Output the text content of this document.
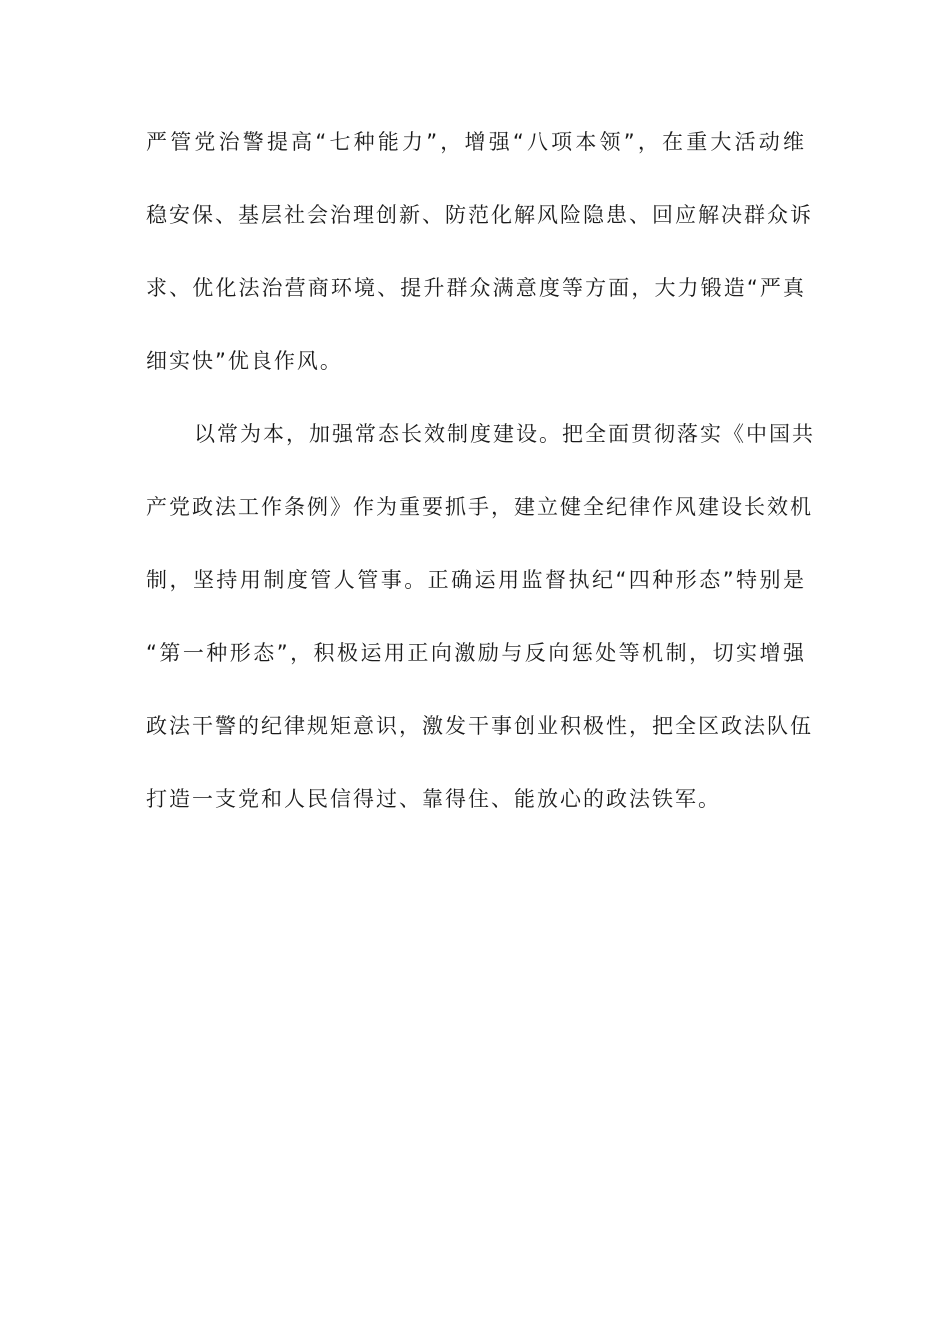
严管党治警提高“七种能力”，增强“八项本领”，在重大活动维
稳安保、基层社会治理创新、防范化解风险隐患、回应解决群众诉
求、优化法治营商环境、提升群众满意度等方面，大力锻造“严真
细实快”优良作风。
以常为本，加强常态长效制度建设。把全面贯彻落实《中国共
产党政法工作条例》作为重要抓手，建立健全纪律作风建设长效机
制，坚持用制度管人管事。正确运用监督执纪“四种形态”特别是
“第一种形态”，积极运用正向激励与反向惩处等机制，切实增强
政法干警的纪律规矩意识，激发干事创业积极性，把全区政法队伍
打造一支党和人民信得过、靠得住、能放心的政法铁军。
